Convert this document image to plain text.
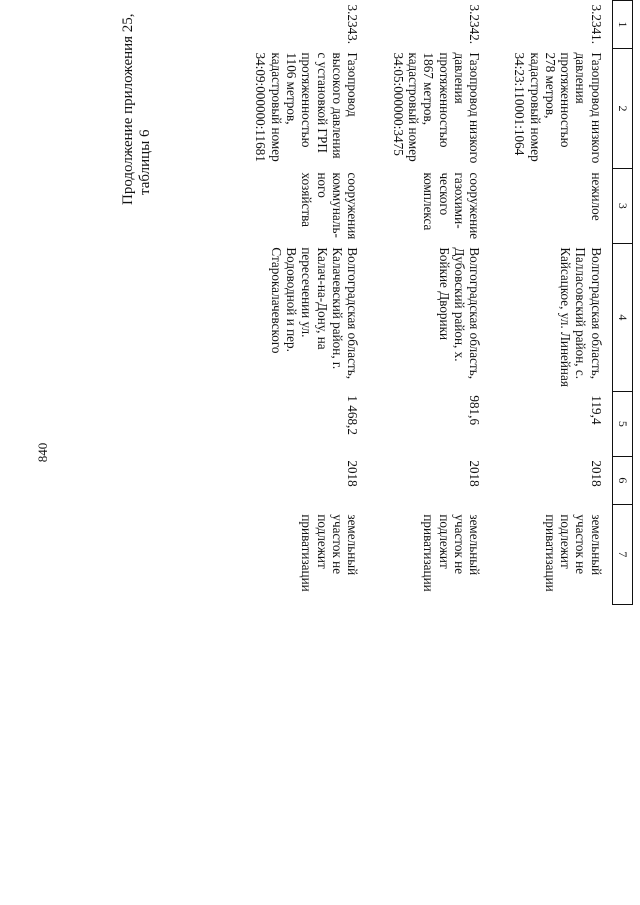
1	2	3	4	5	6	7
3.2341.	Газопровод низкого давления протяженностью 278 метров, кадастровый номер 34:23:110001:1064	нежилое	Волгоградская область, Палласовский район, с. Кайсацкое, ул. Линейная	119,4	2018	земельный участок не подлежит приватизации
3.2342.	Газопровод низкого давления протяженностью 1867 метров, кадастровый номер 34:05:000000:3475	сооружение газохими- ческого комплекса	Волгоградская область, Дубовский район, х. Бойкие Дворики	981,6	2018	земельный участок не подлежит приватизации
3.2343.	Газопровод высокого давления с установкой ГРП протяженностью 1106 метров, кадастровый номер 34:09:000000:11681	сооружения коммуналь- ного хозяйства	Волгоградская область, Калачевский район, г. Калач-на-Дону, на пересечении ул. Водоводной и пер. Старокалачевского	1 468,2	2018	земельный участок не подлежит приватизации
Продолжение приложения 25, таблицы 6
840
